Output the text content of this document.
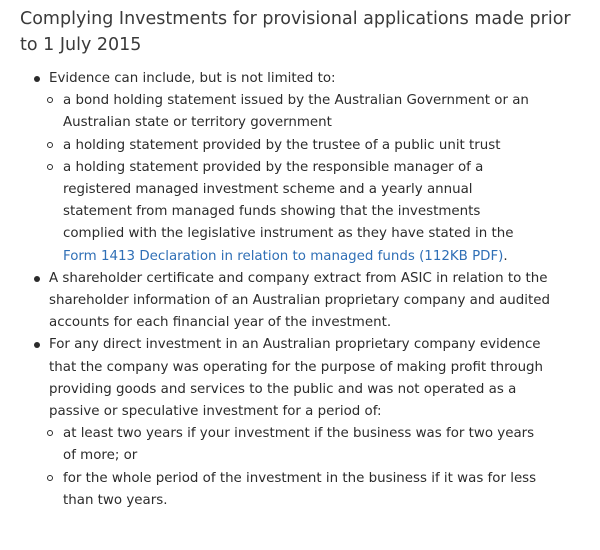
Complying Investments for provisional applications made prior to 1 July 2015
Evidence can include, but is not limited to:
a bond holding statement issued by the Australian Government or an Australian state or territory government
a holding statement provided by the trustee of a public unit trust
a holding statement provided by the responsible manager of a registered managed investment scheme and a yearly annual statement from managed funds showing that the investments complied with the legislative instrument as they have stated in the Form 1413 Declaration in relation to managed funds (112KB PDF).
A shareholder certificate and company extract from ASIC in relation to the shareholder information of an Australian proprietary company and audited accounts for each financial year of the investment.
For any direct investment in an Australian proprietary company evidence that the company was operating for the purpose of making profit through providing goods and services to the public and was not operated as a passive or speculative investment for a period of:
at least two years if your investment if the business was for two years of more; or
for the whole period of the investment in the business if it was for less than two years.
